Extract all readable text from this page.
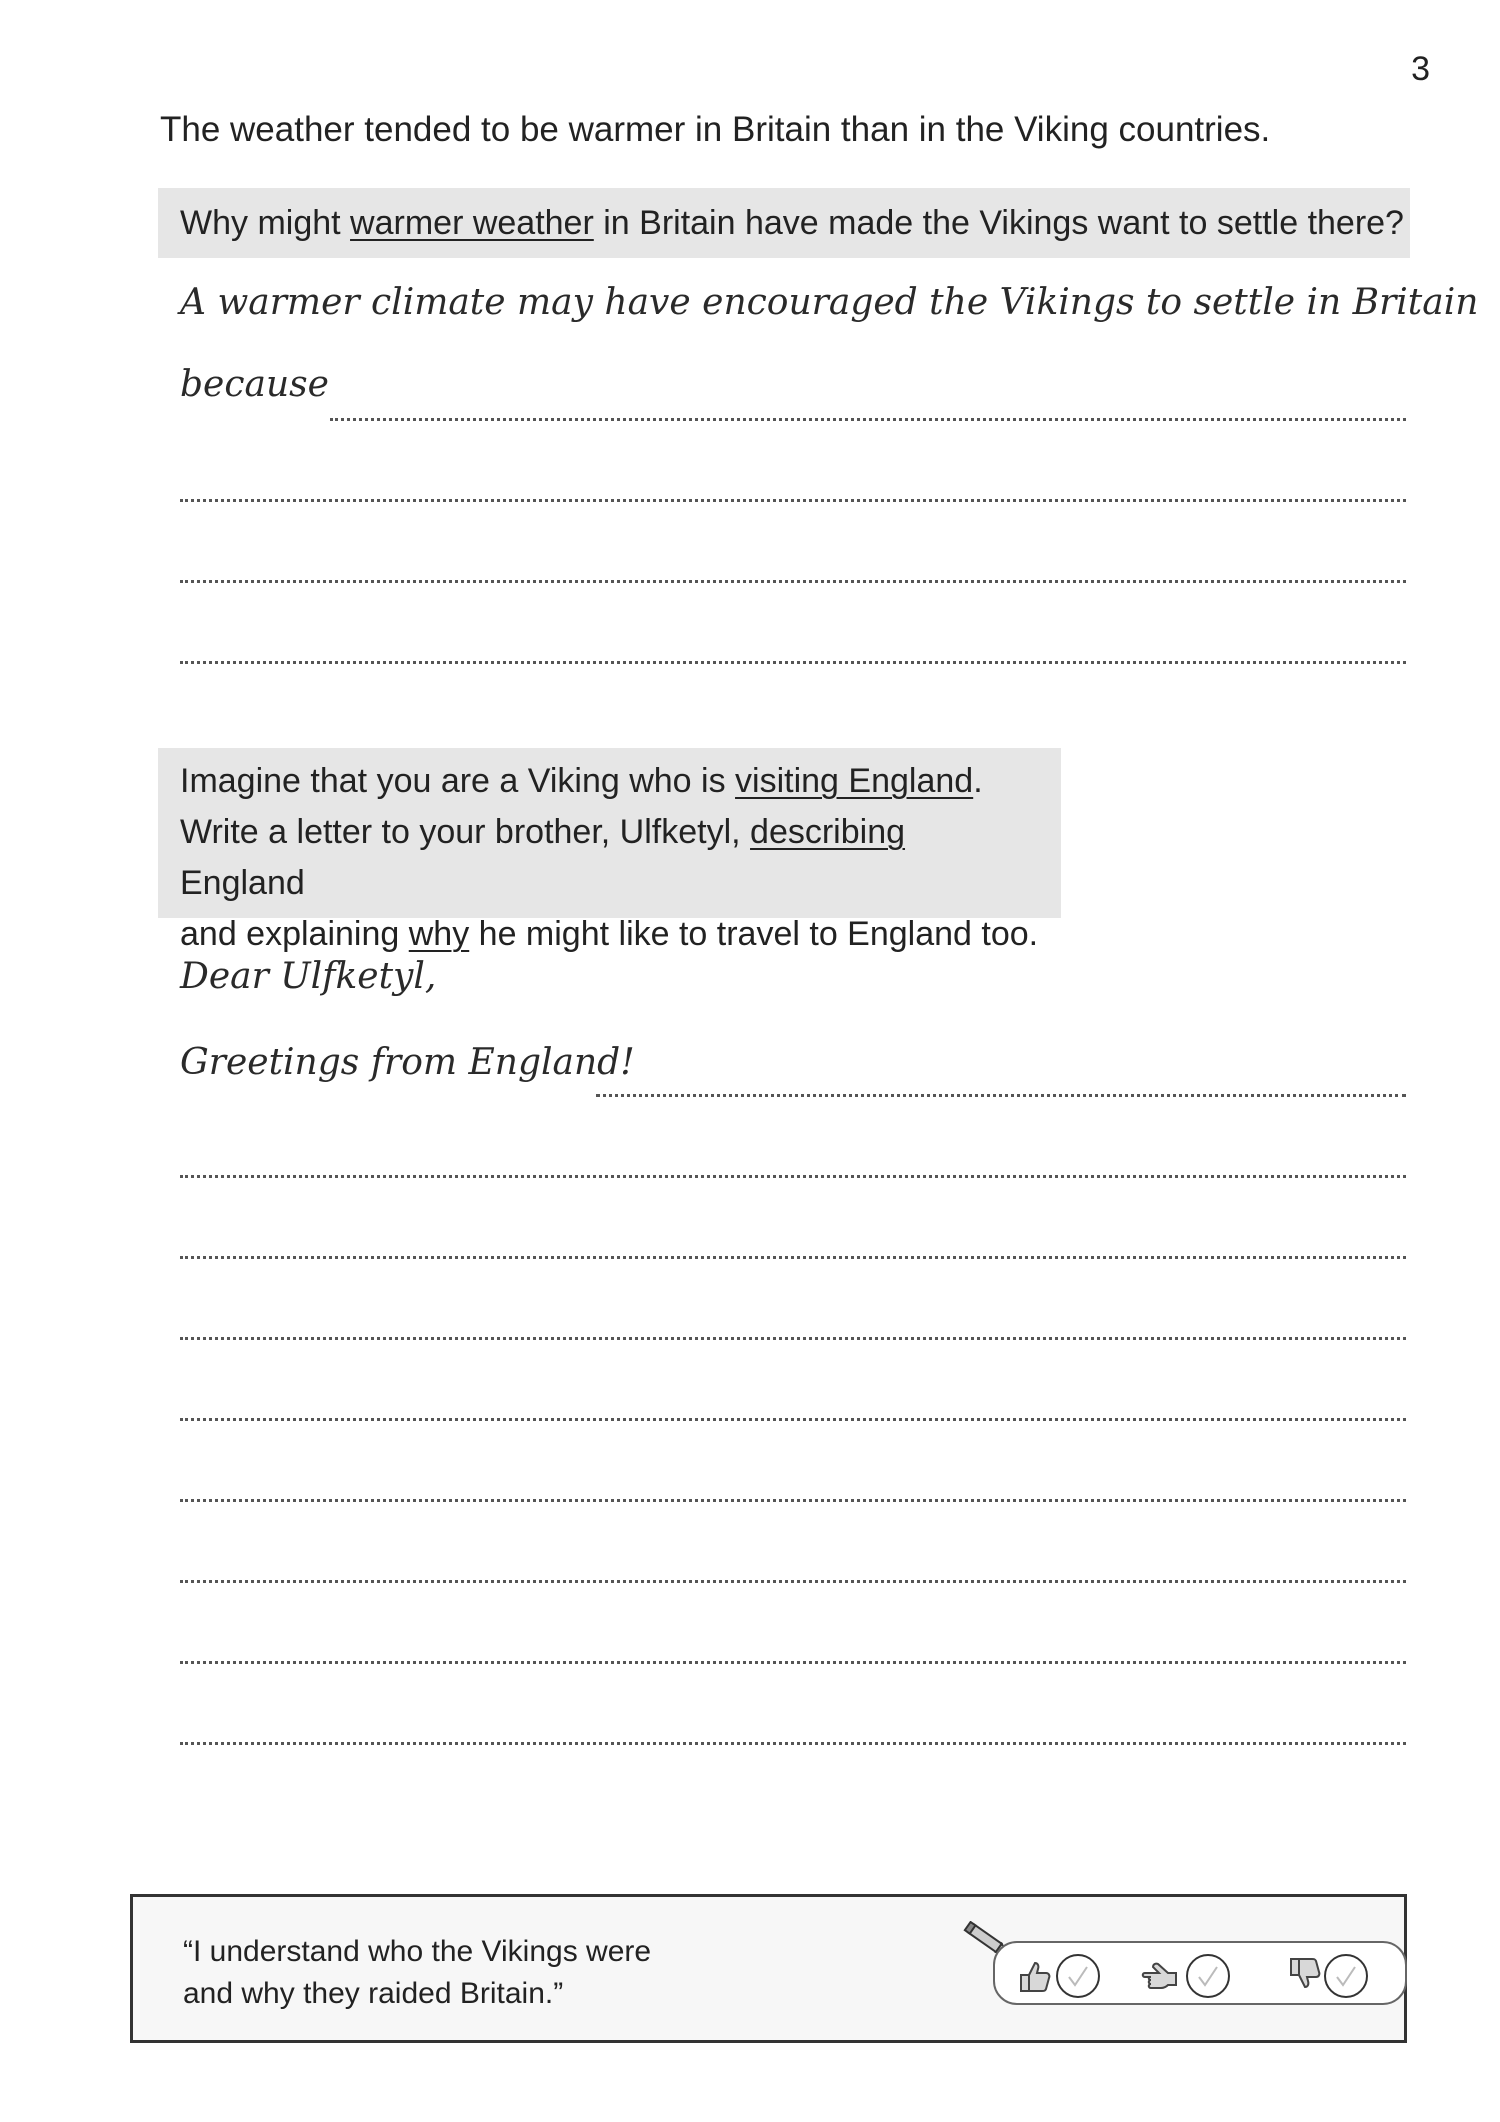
3
The weather tended to be warmer in Britain than in the Viking countries.
Why might warmer weather in Britain have made the Vikings want to settle there?
A warmer climate may have encouraged the Vikings to settle in Britain
because
Imagine that you are a Viking who is visiting England.
Write a letter to your brother, Ulfketyl, describing England
and explaining why he might like to travel to England too.
Dear Ulfketyl,
Greetings from England!
“I understand who the Vikings were
and why they raided Britain.”
